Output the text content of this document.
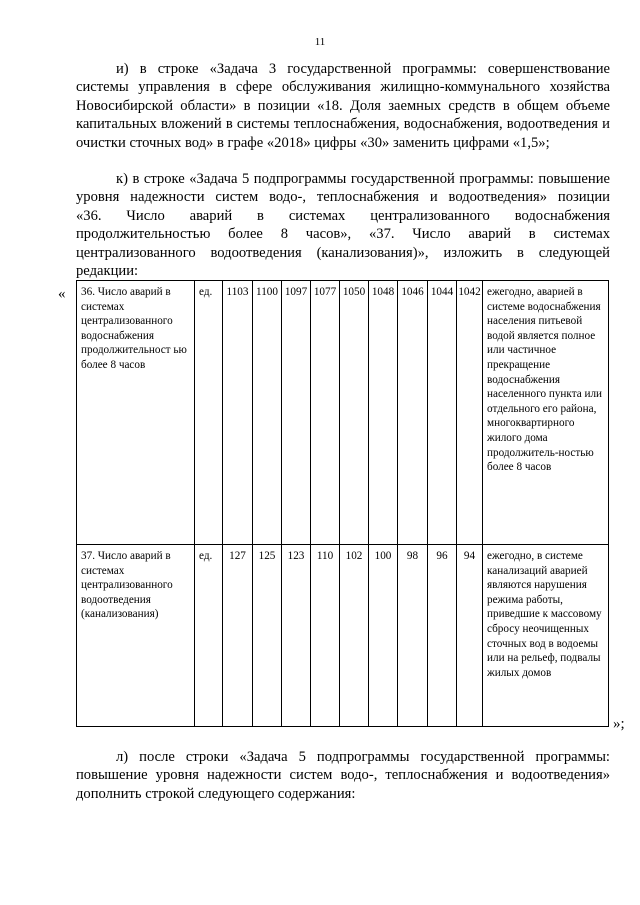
11

и) в строке «Задача 3 государственной программы: совершенствование системы управления в сфере обслуживания жилищно-коммунального хозяйства Новосибирской области» в позиции «18. Доля заемных средств в общем объеме капитальных вложений в системы теплоснабжения, водоснабжения, водоотведения и очистки сточных вод» в графе «2018» цифры «30» заменить цифрами «1,5»;

к) в строке «Задача 5 подпрограммы государственной программы: повышение уровня надежности систем водо-, теплоснабжения и водоотведения» позиции «36. Число аварий в системах централизованного водоснабжения продолжительностью более 8 часов», «37. Число аварий в системах централизованного водоотведения (канализования)», изложить в следующей редакции:

« 36. Число аварий в системах централизованного водоснабжения продолжительност ью более 8 часов	ед.	1103	1100	1097	1077	1050	1048	1046	1044	1042	ежегодно, аварией в системе водоснабжения населения питьевой водой является полное или частичное прекращение водоснабжения населенного пункта или отдельного его района, многоквартирного жилого дома продолжитель-ностью более 8 часов
37. Число аварий в системах централизованного водоотведения (канализования)	ед.	127	125	123	110	102	100	98	96	94	ежегодно, в системе канализаций аварией являются нарушения режима работы, приведшие к массовому сбросу неочищенных сточных вод в водоемы или на рельеф, подвалы жилых домов
»;

л) после строки «Задача 5 подпрограммы государственной программы: повышение уровня надежности систем водо-, теплоснабжения и водоотведения» дополнить строкой следующего содержания:
